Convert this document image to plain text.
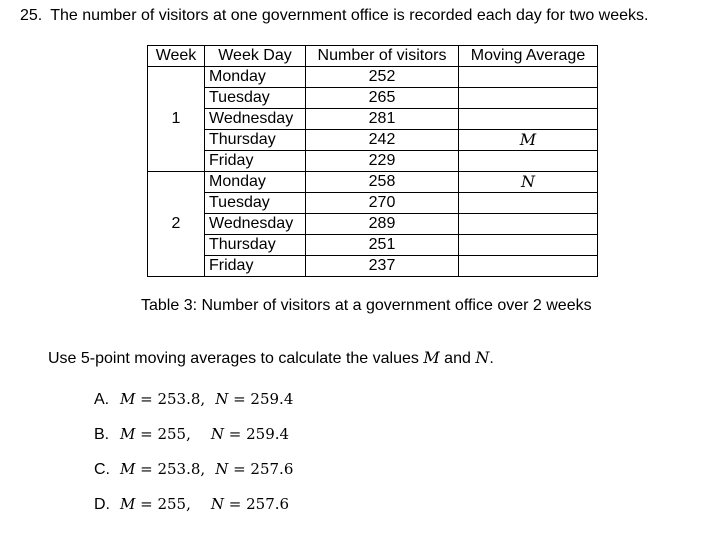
25. The number of visitors at one government office is recorded each day for two weeks.
Week	Week Day	Number of visitors	Moving Average
1	Monday	252	
	Tuesday	265	
	Wednesday	281	
	Thursday	242	M
	Friday	229	
2	Monday	258	N
	Tuesday	270	
	Wednesday	289	
	Thursday	251	
	Friday	237	
Table 3: Number of visitors at a government office over 2 weeks
Use 5-point moving averages to calculate the values M and N.
A. M = 253.8, N = 259.4
B. M = 255, N = 259.4
C. M = 253.8, N = 257.6
D. M = 255, N = 257.6
